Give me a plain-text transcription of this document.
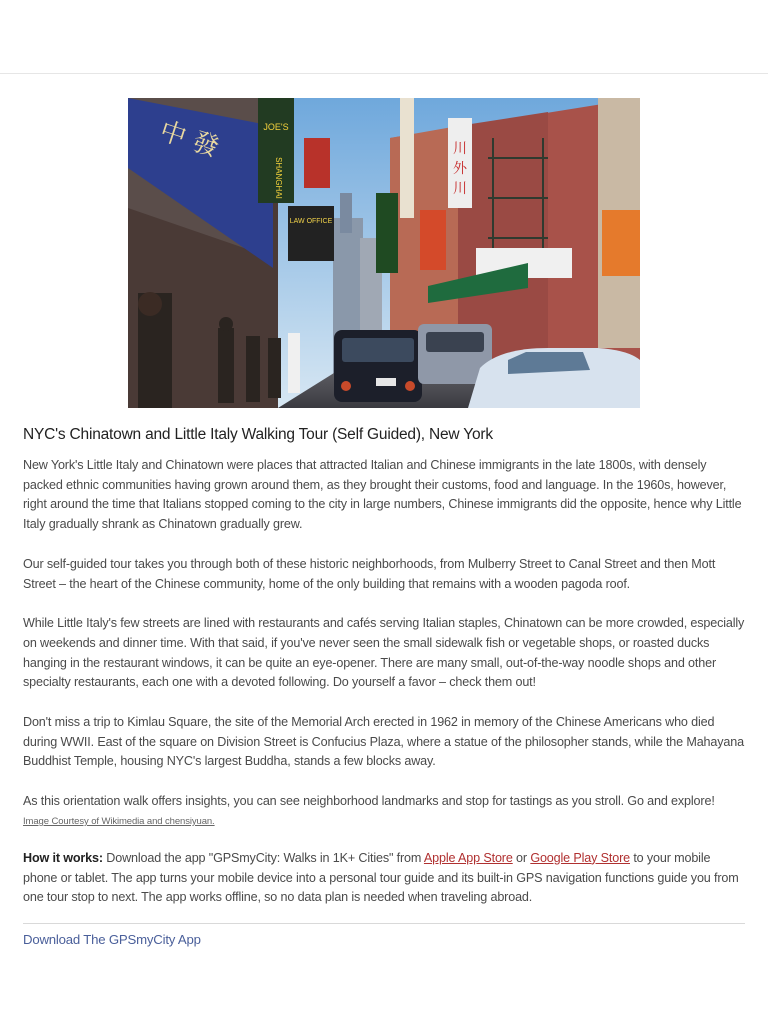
中 發	JOE'S
SHANGHAI
LAW OFFICE
川
外
川
NYC's Chinatown and Little Italy Walking Tour (Self Guided), New York

New York's Little Italy and Chinatown were places that attracted Italian and Chinese immigrants in the late 1800s, with densely packed ethnic communities having grown around them, as they brought their customs, food and language. In the 1960s, however, right around the time that Italians stopped coming to the city in large numbers, Chinese immigrants did the opposite, hence why Little Italy gradually shrank as Chinatown gradually grew.

Our self-guided tour takes you through both of these historic neighborhoods, from Mulberry Street to Canal Street and then Mott Street – the heart of the Chinese community, home of the only building that remains with a wooden pagoda roof.

While Little Italy's few streets are lined with restaurants and cafés serving Italian staples, Chinatown can be more crowded, especially on weekends and dinner time. With that said, if you've never seen the small sidewalk fish or vegetable shops, or roasted ducks hanging in the restaurant windows, it can be quite an eye-opener. There are many small, out-of-the-way noodle shops and other specialty restaurants, each one with a devoted following. Do yourself a favor – check them out!

Don't miss a trip to Kimlau Square, the site of the Memorial Arch erected in 1962 in memory of the Chinese Americans who died during WWII. East of the square on Division Street is Confucius Plaza, where a statue of the philosopher stands, while the Mahayana Buddhist Temple, housing NYC's largest Buddha, stands a few blocks away.

As this orientation walk offers insights, you can see neighborhood landmarks and stop for tastings as you stroll. Go and explore!

Image Courtesy of Wikimedia and chensiyuan.

How it works: Download the app "GPSmyCity: Walks in 1K+ Cities" from Apple App Store or Google Play Store to your mobile phone or tablet. The app turns your mobile device into a personal tour guide and its built-in GPS navigation functions guide you from one tour stop to next. The app works offline, so no data plan is needed when traveling abroad.

Download The GPSmyCity App
